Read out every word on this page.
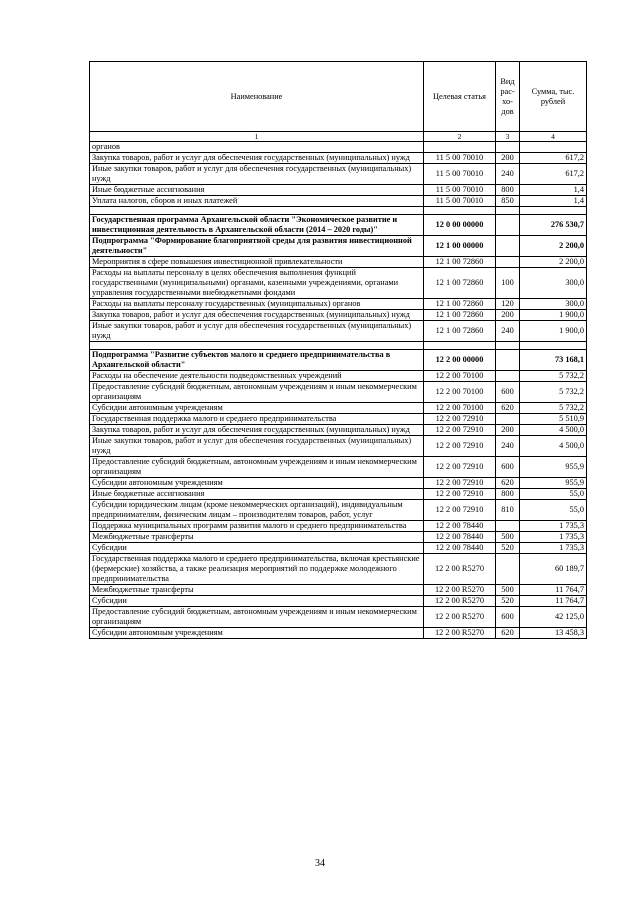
Наименование	Целевая статья	Вид рас- хо- дов	Сумма, тыс. рублей
1	2	3	4
органов			
Закупка товаров, работ и услуг для обеспечения государственных (муниципальных) нужд	11 5 00 70010	200	617,2
Иные закупки товаров, работ и услуг для обеспечения государственных (муниципальных) нужд	11 5 00 70010	240	617,2
Иные бюджетные ассигнования	11 5 00 70010	800	1,4
Уплата налогов, сборов и иных платежей	11 5 00 70010	850	1,4

Государственная программа Архангельской области "Экономическое развитие и инвестиционная деятельность в Архангельской области (2014 – 2020 годы)"	12 0 00 00000		276 530,7
Подпрограмма "Формирование благоприятной среды для развития инвестиционной деятельности"	12 1 00 00000		2 200,0
Мероприятия в сфере повышения инвестиционной привлекательности	12 1 00 72860		2 200,0
Расходы на выплаты персоналу в целях обеспечения выполнения функций государственными (муниципальными) органами, казенными учреждениями, органами управления государственными внебюджетными фондами	12 1 00 72860	100	300,0
Расходы на выплаты персоналу государственных (муниципальных) органов	12 1 00 72860	120	300,0
Закупка товаров, работ и услуг для обеспечения государственных (муниципальных) нужд	12 1 00 72860	200	1 900,0
Иные закупки товаров, работ и услуг для обеспечения государственных (муниципальных) нужд	12 1 00 72860	240	1 900,0

Подпрограмма "Развитие субъектов малого и среднего предпринимательства в Архангельской области"	12 2 00 00000		73 168,1
Расходы на обеспечение деятельности подведомственных учреждений	12 2 00 70100		5 732,2
Предоставление субсидий бюджетным, автономным учреждениям и иным некоммерческим организациям	12 2 00 70100	600	5 732,2
Субсидии автономным учреждениям	12 2 00 70100	620	5 732,2
Государственная поддержка малого и среднего предпринимательства	12 2 00 72910		5 510,9
Закупка товаров, работ и услуг для обеспечения государственных (муниципальных) нужд	12 2 00 72910	200	4 500,0
Иные закупки товаров, работ и услуг для обеспечения государственных (муниципальных) нужд	12 2 00 72910	240	4 500,0
Предоставление субсидий бюджетным, автономным учреждениям и иным некоммерческим организациям	12 2 00 72910	600	955,9
Субсидии автономным учреждениям	12 2 00 72910	620	955,9
Иные бюджетные ассигнования	12 2 00 72910	800	55,0
Субсидии юридическим лицам (кроме некоммерческих организаций), индивидуальным предпринимателям, физическим лицам – производителям товаров, работ, услуг	12 2 00 72910	810	55,0
Поддержка муниципальных программ развития малого и среднего предпринимательства	12 2 00 78440		1 735,3
Межбюджетные трансферты	12 2 00 78440	500	1 735,3
Субсидии	12 2 00 78440	520	1 735,3
Государственная поддержка малого и среднего предпринимательства, включая крестьянские (фермерские) хозяйства, а также реализация мероприятий по поддержке молодежного предпринимательства	12 2 00 R5270		60 189,7
Межбюджетные трансферты	12 2 00 R5270	500	11 764,7
Субсидии	12 2 00 R5270	520	11 764,7
Предоставление субсидий бюджетным, автономным учреждениям и иным некоммерческим организациям	12 2 00 R5270	600	42 125,0
Субсидии автономным учреждениям	12 2 00 R5270	620	13 458,3
34
